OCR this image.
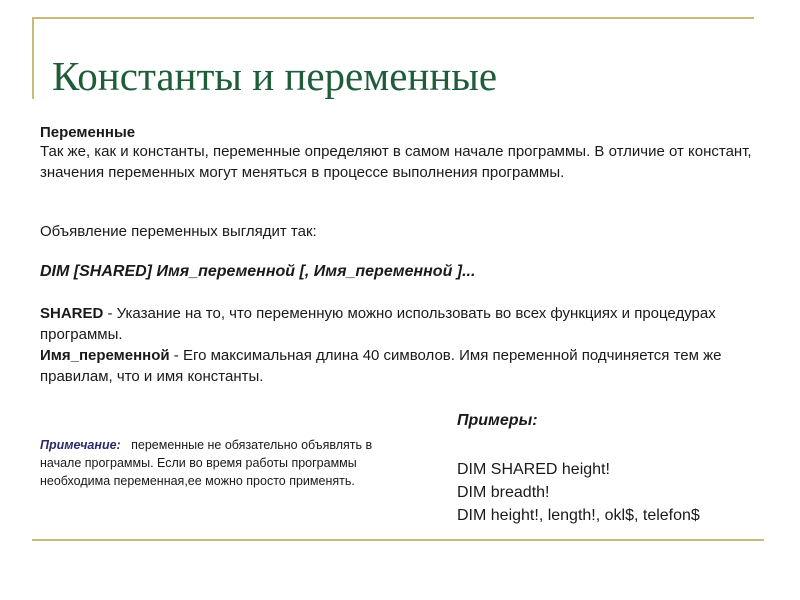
Константы и переменные
Переменные
Так же, как и константы, переменные определяют в самом начале программы. В отличие от констант, значения переменных могут меняться в процессе выполнения программы.
Объявление переменных выглядит так:
DIM [SHARED] Имя_переменной [, Имя_переменной ]...
SHARED - Указание на то, что переменную можно использовать во всех функциях и процедурах программы.
Имя_переменной - Его максимальная длина 40 символов. Имя переменной подчиняется тем же правилам, что и имя константы.
Примечание: переменные не обязательно объявлять в начале программы. Если во время работы программы необходима переменная,ее можно просто применять.
Примеры:
DIM SHARED height!
DIM breadth!
DIM height!, length!, okl$, telefon$
